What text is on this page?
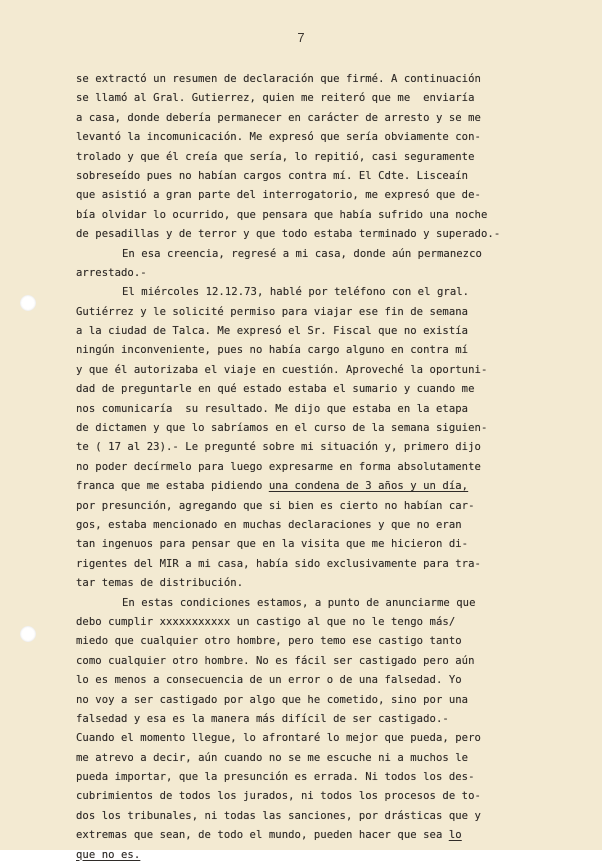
7
se extractó un resumen de declaración que firmé. A continuación
se llamó al Gral. Gutierrez, quien me reiteró que me  enviaría
a casa, donde debería permanecer en carácter de arresto y se me
levantó la incomunicación. Me expresó que sería obviamente con-
trolado y que él creía que sería, lo repitió, casi seguramente
sobreseído pues no habían cargos contra mí. El Cdte. Lisceaín
que asistió a gran parte del interrogatorio, me expresó que de-
bía olvidar lo ocurrido, que pensara que había sufrido una noche
de pesadillas y de terror y que todo estaba terminado y superado.-
En esa creencia, regresé a mi casa, donde aún permanezco
arrestado.-
El miércoles 12.12.73, hablé por teléfono con el gral.
Gutiérrez y le solicité permiso para viajar ese fin de semana
a la ciudad de Talca. Me expresó el Sr. Fiscal que no existía
ningún inconveniente, pues no había cargo alguno en contra mí
y que él autorizaba el viaje en cuestión. Aproveché la oportuni-
dad de preguntarle en qué estado estaba el sumario y cuando me
nos comunicaría  su resultado. Me dijo que estaba en la etapa
de dictamen y que lo sabríamos en el curso de la semana siguien-
te ( 17 al 23).- Le pregunté sobre mi situación y, primero dijo
no poder decírmelo para luego expresarme en forma absolutamente
franca que me estaba pidiendo una condena de 3 años y un día,
por presunción, agregando que si bien es cierto no habían car-
gos, estaba mencionado en muchas declaraciones y que no eran
tan ingenuos para pensar que en la visita que me hicieron di-
rigentes del MIR a mi casa, había sido exclusivamente para tra-
tar temas de distribución.
En estas condiciones estamos, a punto de anunciarme que
debo cumplir xxxxxxxxxxx un castigo al que no le tengo más/
miedo que cualquier otro hombre, pero temo ese castigo tanto
como cualquier otro hombre. No es fácil ser castigado pero aún
lo es menos a consecuencia de un error o de una falsedad. Yo
no voy a ser castigado por algo que he cometido, sino por una
falsedad y esa es la manera más difícil de ser castigado.-
Cuando el momento llegue, lo afrontaré lo mejor que pueda, pero
me atrevo a decir, aún cuando no se me escuche ni a muchos le
pueda importar, que la presunción es errada. Ni todos los des-
cubrimientos de todos los jurados, ni todos los procesos de to-
dos los tribunales, ni todas las sanciones, por drásticas que y
extremas que sean, de todo el mundo, pueden hacer que sea lo
que no es.
